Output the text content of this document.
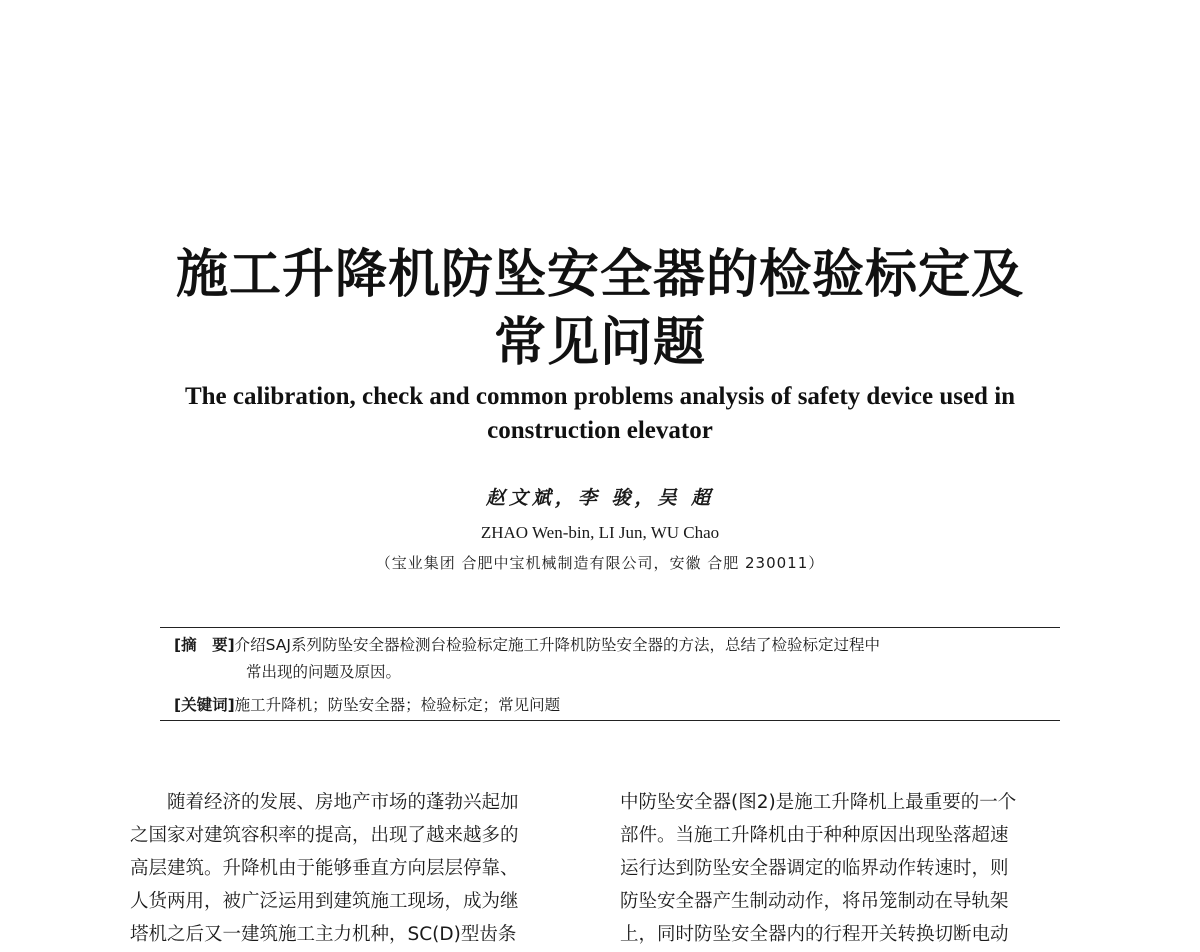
施工升降机防坠安全器的检验标定及
常见问题
The calibration, check and common problems analysis of safety device used in
construction elevator
赵文斌，李 骏，吴 超
ZHAO Wen-bin, LI Jun, WU Chao
（宝业集团 合肥中宝机械制造有限公司，安徽 合肥 230011）
[摘　要]介绍SAJ系列防坠安全器检测台检验标定施工升降机防坠安全器的方法，总结了检验标定过程中
常出现的问题及原因。
[关键词]施工升降机；防坠安全器；检验标定；常见问题
随着经济的发展、房地产市场的蓬勃兴起加
之国家对建筑容积率的提高，出现了越来越多的
高层建筑。升降机由于能够垂直方向层层停靠、
人货两用，被广泛运用到建筑施工现场，成为继
塔机之后又一建筑施工主力机种，SC(D)型齿条
中防坠安全器(图2)是施工升降机上最重要的一个
部件。当施工升降机由于种种原因出现坠落超速
运行达到防坠安全器调定的临界动作转速时，则
防坠安全器产生制动动作，将吊笼制动在导轨架
上，同时防坠安全器内的行程开关转换切断电动
